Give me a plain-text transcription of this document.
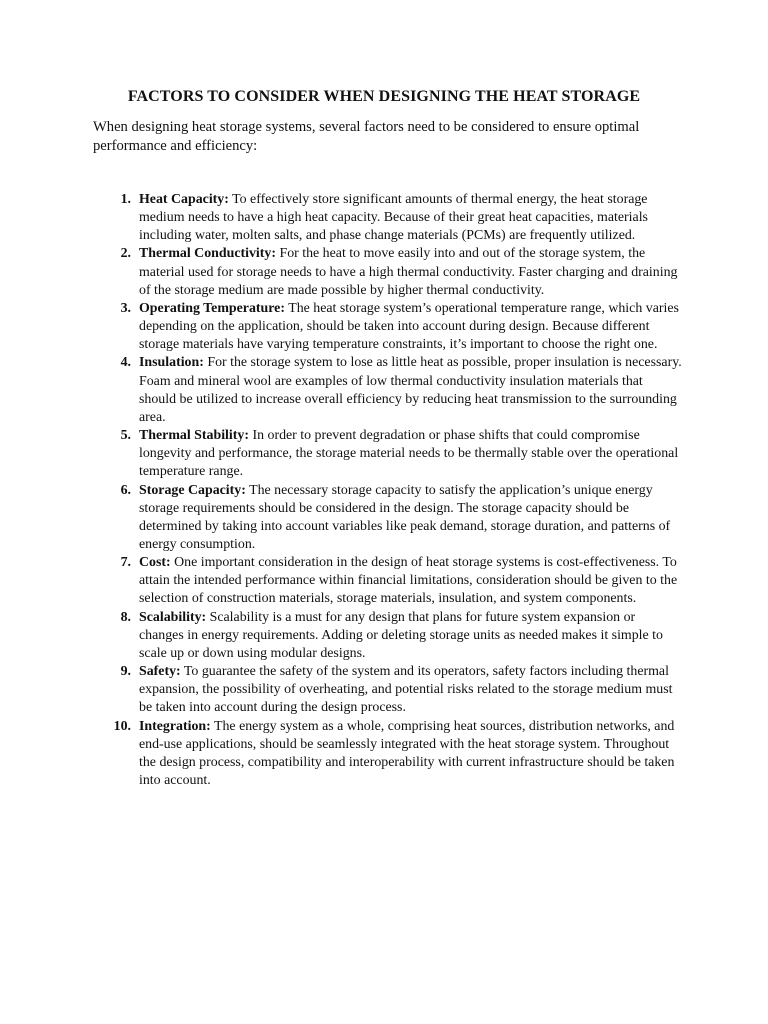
FACTORS TO CONSIDER WHEN DESIGNING THE HEAT STORAGE
When designing heat storage systems, several factors need to be considered to ensure optimal performance and efficiency:
1. Heat Capacity: To effectively store significant amounts of thermal energy, the heat storage medium needs to have a high heat capacity. Because of their great heat capacities, materials including water, molten salts, and phase change materials (PCMs) are frequently utilized.
2. Thermal Conductivity: For the heat to move easily into and out of the storage system, the material used for storage needs to have a high thermal conductivity. Faster charging and draining of the storage medium are made possible by higher thermal conductivity.
3. Operating Temperature: The heat storage system’s operational temperature range, which varies depending on the application, should be taken into account during design. Because different storage materials have varying temperature constraints, it’s important to choose the right one.
4. Insulation: For the storage system to lose as little heat as possible, proper insulation is necessary. Foam and mineral wool are examples of low thermal conductivity insulation materials that should be utilized to increase overall efficiency by reducing heat transmission to the surrounding area.
5. Thermal Stability: In order to prevent degradation or phase shifts that could compromise longevity and performance, the storage material needs to be thermally stable over the operational temperature range.
6. Storage Capacity: The necessary storage capacity to satisfy the application’s unique energy storage requirements should be considered in the design. The storage capacity should be determined by taking into account variables like peak demand, storage duration, and patterns of energy consumption.
7. Cost: One important consideration in the design of heat storage systems is cost-effectiveness. To attain the intended performance within financial limitations, consideration should be given to the selection of construction materials, storage materials, insulation, and system components.
8. Scalability: Scalability is a must for any design that plans for future system expansion or changes in energy requirements. Adding or deleting storage units as needed makes it simple to scale up or down using modular designs.
9. Safety: To guarantee the safety of the system and its operators, safety factors including thermal expansion, the possibility of overheating, and potential risks related to the storage medium must be taken into account during the design process.
10. Integration: The energy system as a whole, comprising heat sources, distribution networks, and end-use applications, should be seamlessly integrated with the heat storage system. Throughout the design process, compatibility and interoperability with current infrastructure should be taken into account.
